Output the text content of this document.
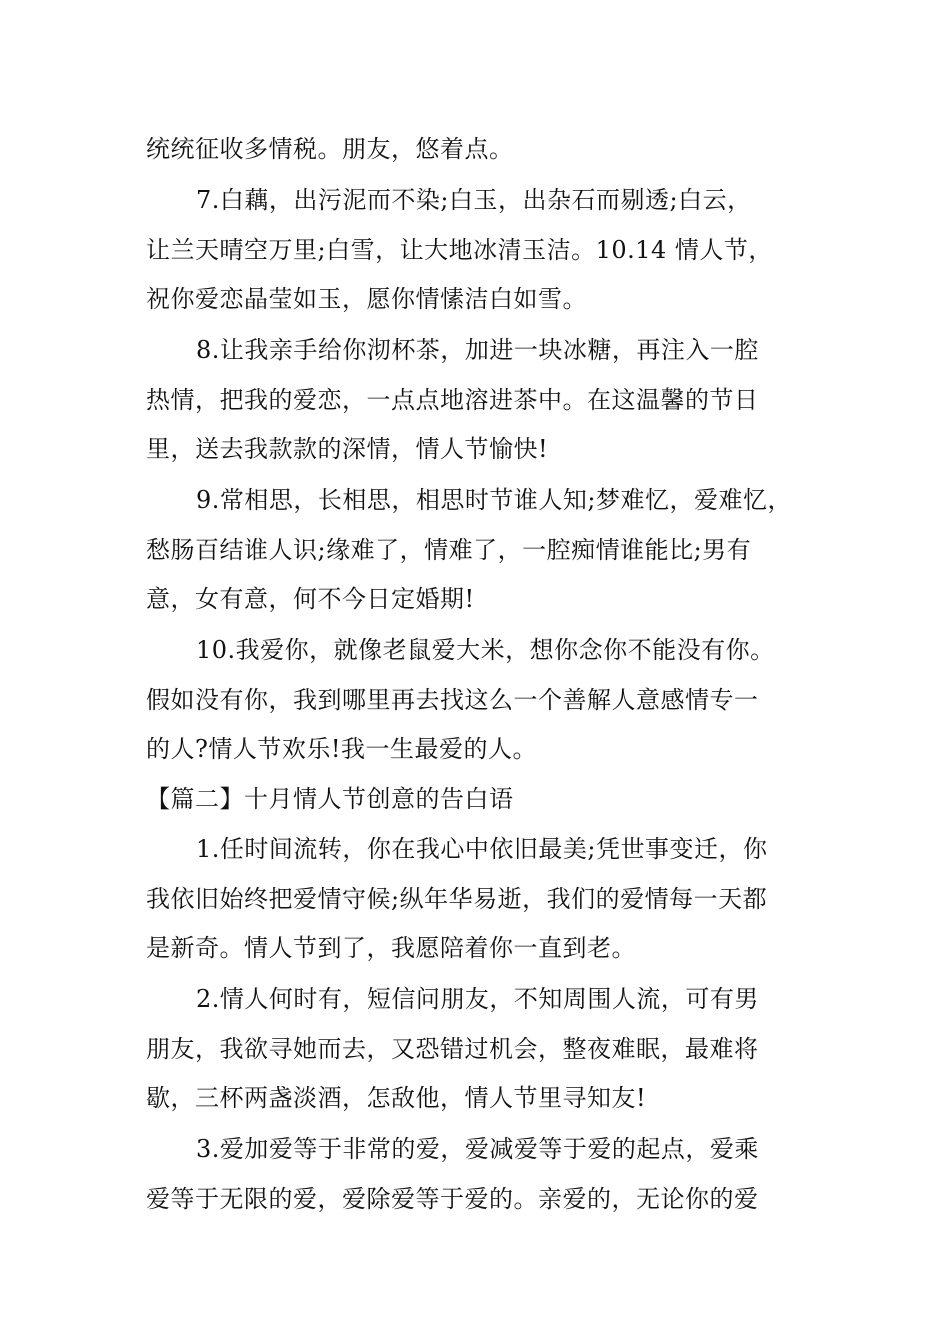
统统征收多情税。朋友，悠着点。
7.白藕，出污泥而不染;白玉，出杂石而剔透;白云，
让兰天晴空万里;白雪，让大地冰清玉洁。10.14 情人节，
祝你爱恋晶莹如玉，愿你情愫洁白如雪。
8.让我亲手给你沏杯茶，加进一块冰糖，再注入一腔
热情，把我的爱恋，一点点地溶进茶中。在这温馨的节日
里，送去我款款的深情，情人节愉快!
9.常相思，长相思，相思时节谁人知;梦难忆，爱难忆，
愁肠百结谁人识;缘难了，情难了，一腔痴情谁能比;男有
意，女有意，何不今日定婚期!
10.我爱你，就像老鼠爱大米，想你念你不能没有你。
假如没有你，我到哪里再去找这么一个善解人意感情专一
的人?情人节欢乐!我一生最爱的人。
【篇二】十月情人节创意的告白语
1.任时间流转，你在我心中依旧最美;凭世事变迁，你
我依旧始终把爱情守候;纵年华易逝，我们的爱情每一天都
是新奇。情人节到了，我愿陪着你一直到老。
2.情人何时有，短信问朋友，不知周围人流，可有男
朋友，我欲寻她而去，又恐错过机会，整夜难眠，最难将
歇，三杯两盏淡酒，怎敌他，情人节里寻知友!
3.爱加爱等于非常的爱，爱减爱等于爱的起点，爱乘
爱等于无限的爱，爱除爱等于爱的。亲爱的，无论你的爱
